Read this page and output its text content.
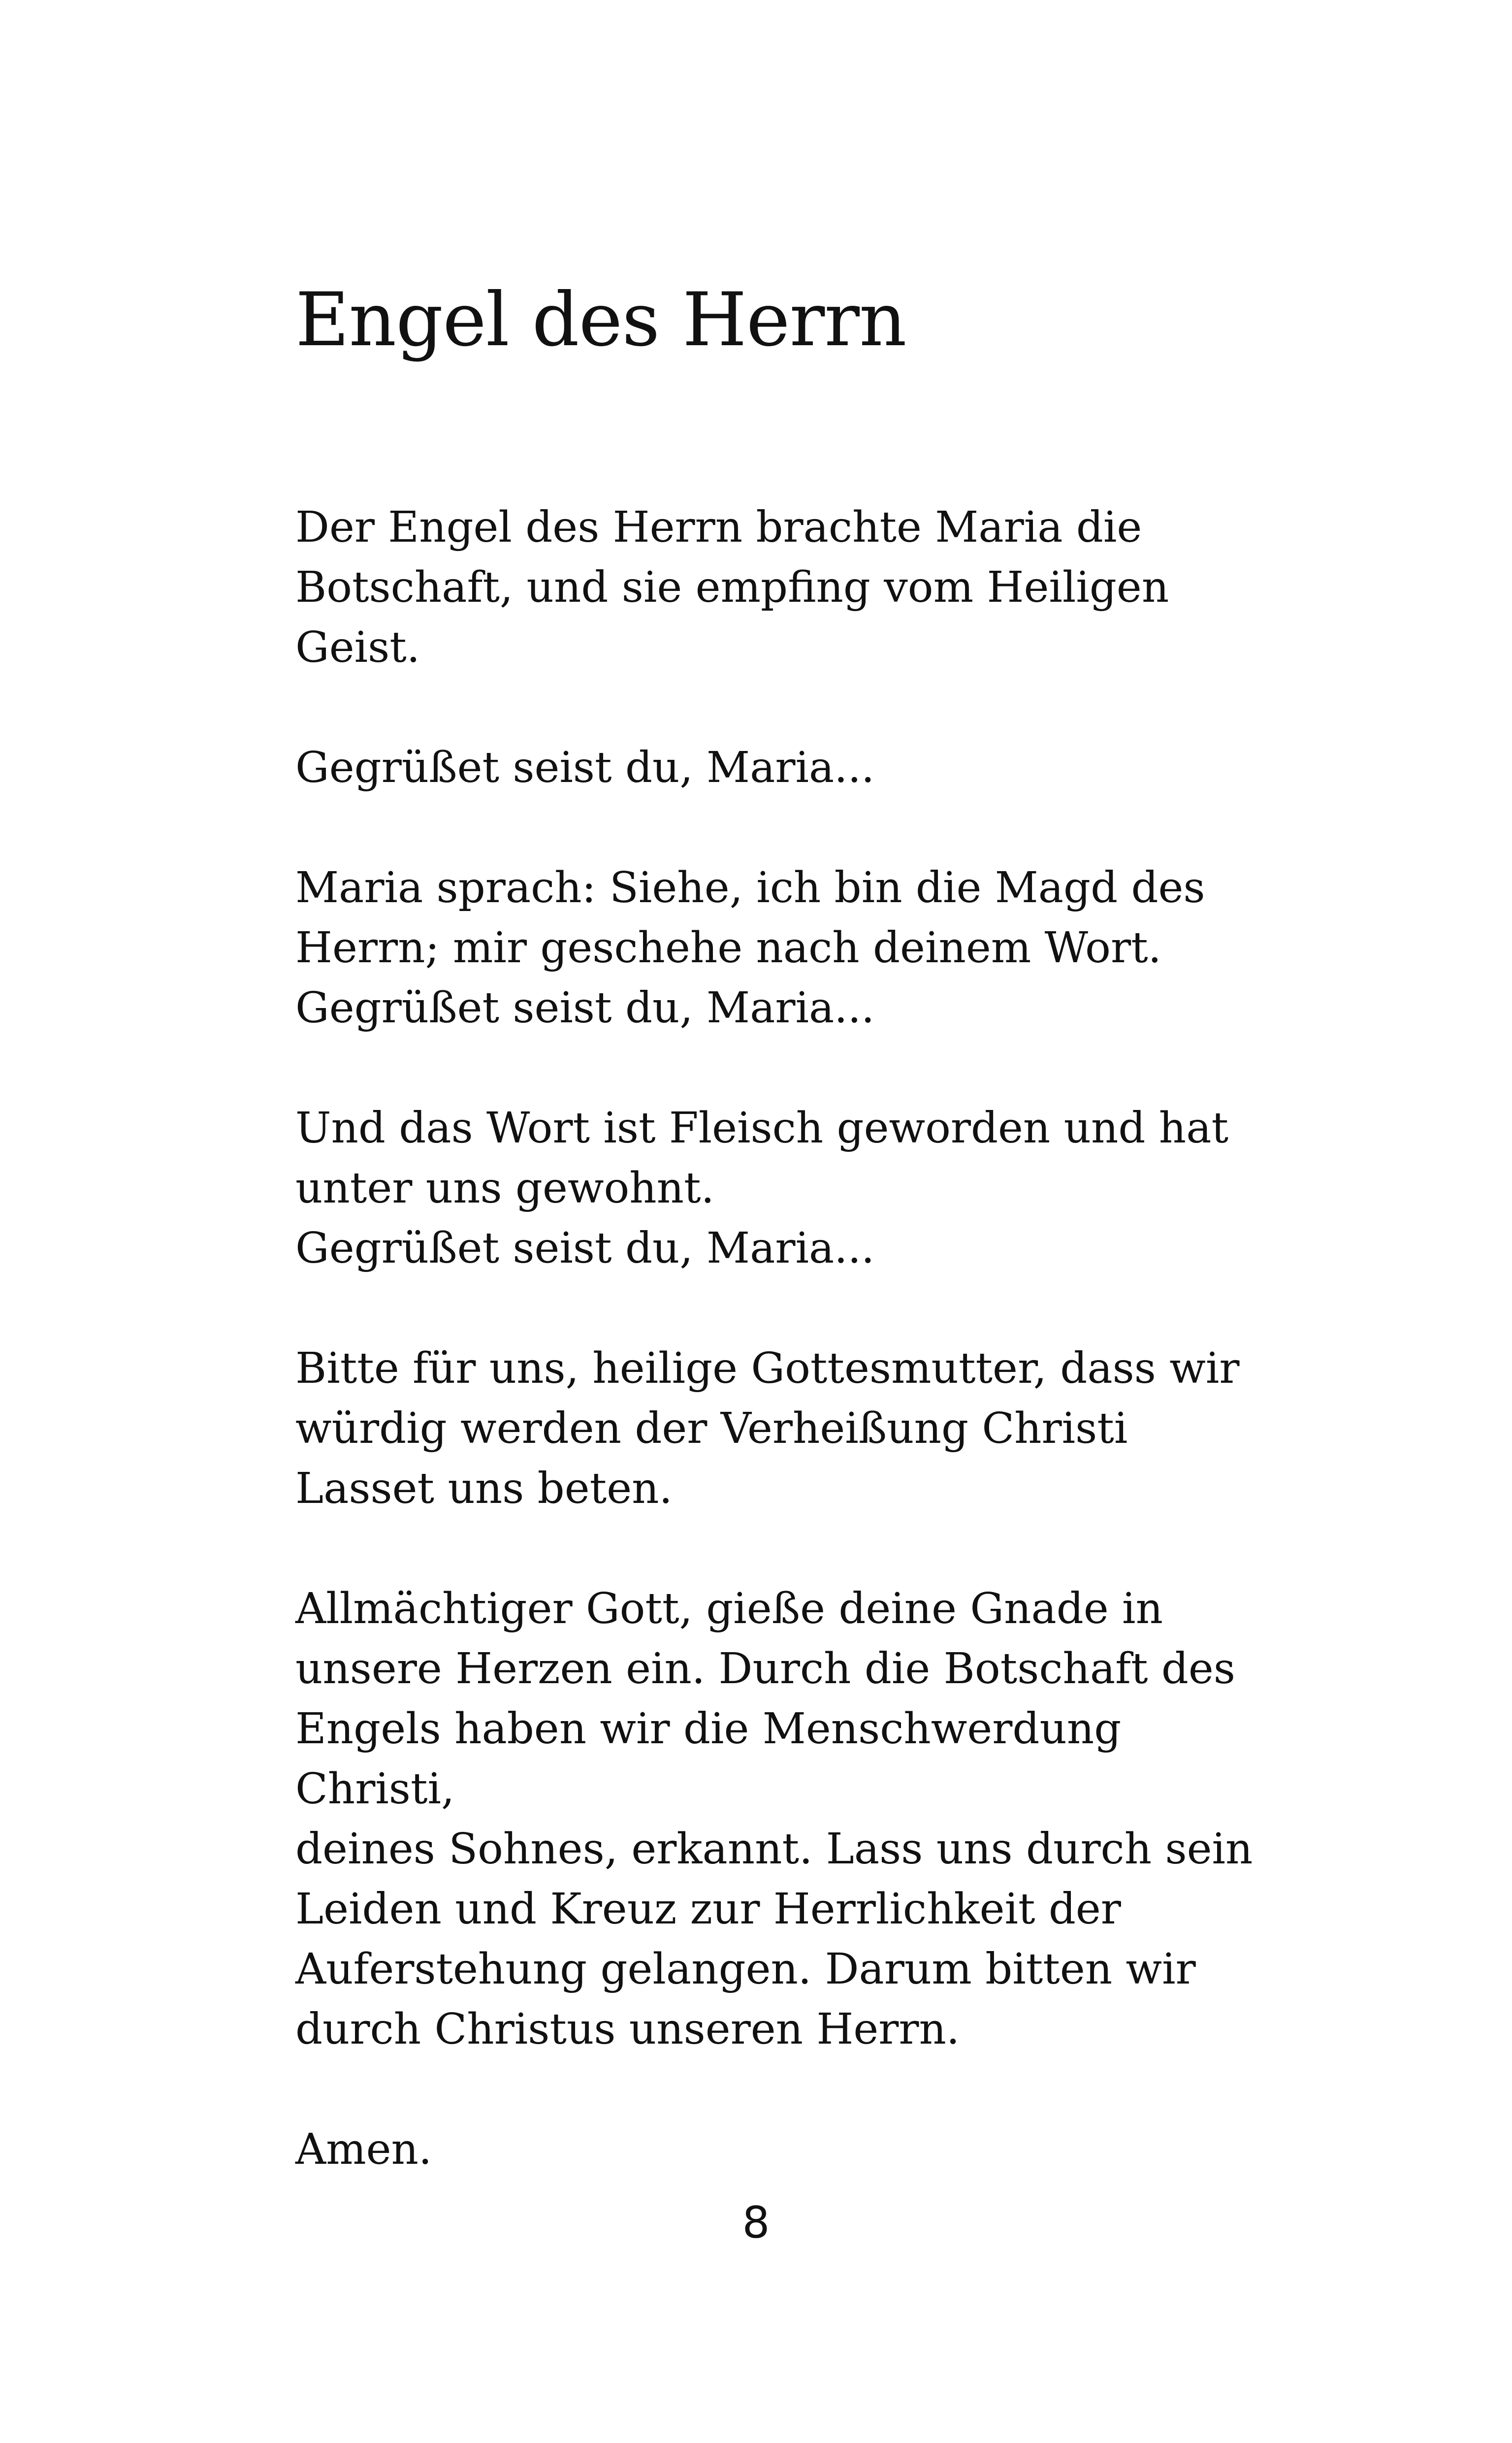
Engel des Herrn

Der Engel des Herrn brachte Maria die
Botschaft, und sie empfing vom Heiligen
Geist.

Gegrüßet seist du, Maria...

Maria sprach: Siehe, ich bin die Magd des
Herrn; mir geschehe nach deinem Wort.
Gegrüßet seist du, Maria...

Und das Wort ist Fleisch geworden und hat
unter uns gewohnt.
Gegrüßet seist du, Maria...

Bitte für uns, heilige Gottesmutter, dass wir
würdig werden der Verheißung Christi
Lasset uns beten.

Allmächtiger Gott, gieße deine Gnade in
unsere Herzen ein. Durch die Botschaft des
Engels haben wir die Menschwerdung Christi,
deines Sohnes, erkannt. Lass uns durch sein
Leiden und Kreuz zur Herrlichkeit der
Auferstehung gelangen. Darum bitten wir
durch Christus unseren Herrn.

Amen.

8
